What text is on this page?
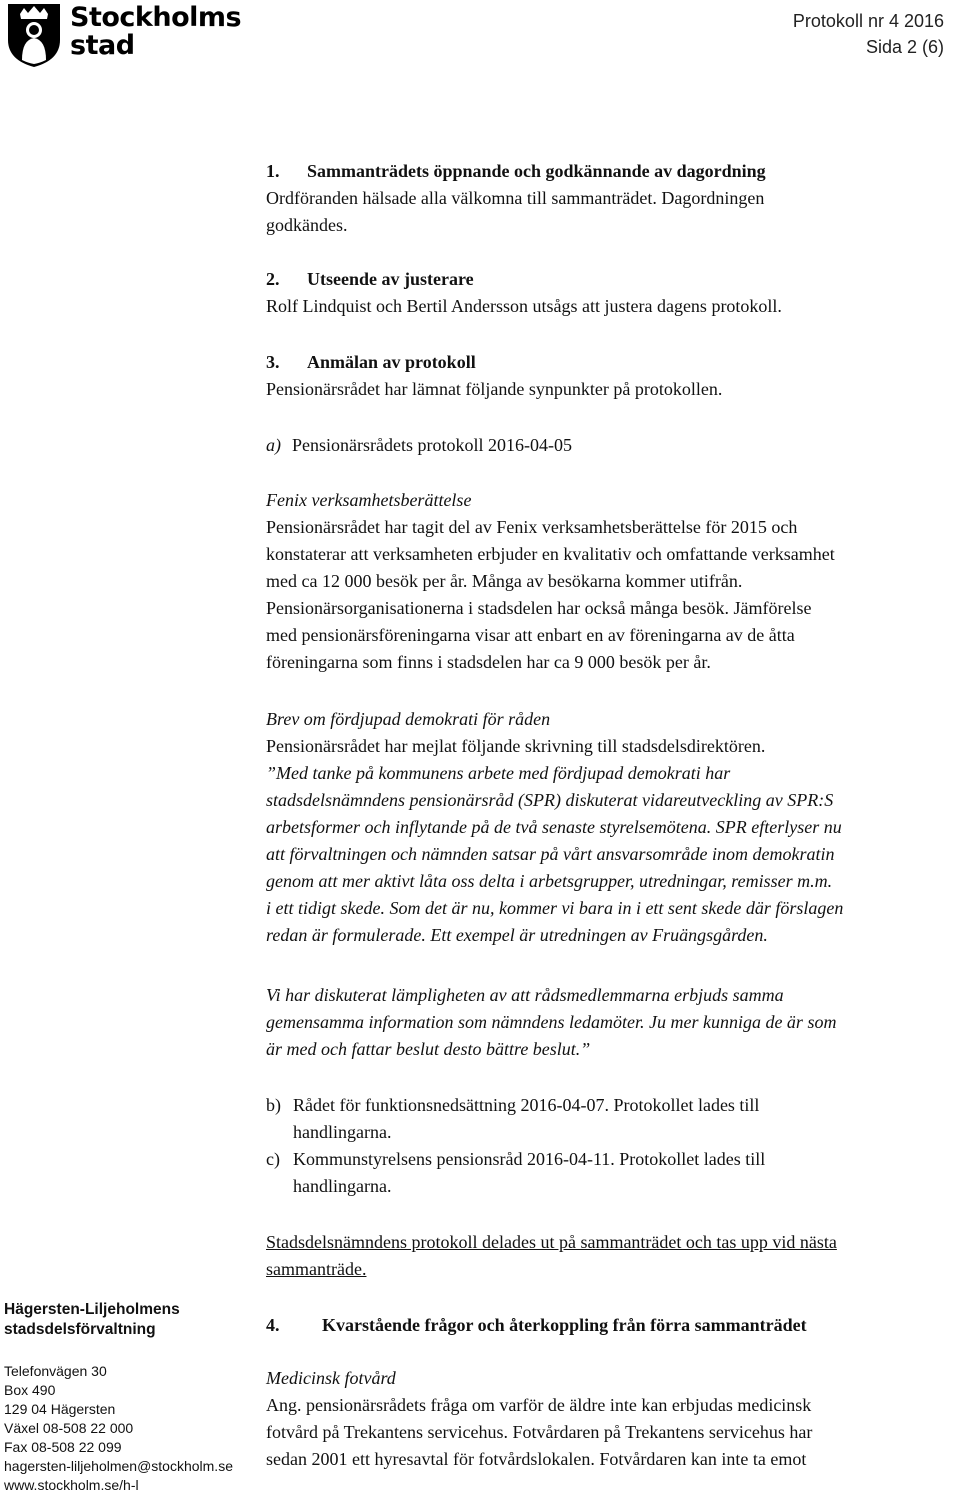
Stockholms
stad
Protokoll nr 4 2016
Sida 2 (6)
1. Sammanträdets öppnande och godkännande av dagordning
Ordföranden hälsade alla välkomna till sammanträdet. Dagordningen
godkändes.
2. Utseende av justerare
Rolf Lindquist och Bertil Andersson utsågs att justera dagens protokoll.
3. Anmälan av protokoll
Pensionärsrådet har lämnat följande synpunkter på protokollen.
a) Pensionärsrådets protokoll 2016-04-05
Fenix verksamhetsberättelse
Pensionärsrådet har tagit del av Fenix verksamhetsberättelse för 2015 och
konstaterar att verksamheten erbjuder en kvalitativ och omfattande verksamhet
med ca 12 000 besök per år. Många av besökarna kommer utifrån.
Pensionärsorganisationerna i stadsdelen har också många besök. Jämförelse
med pensionärsföreningarna visar att enbart en av föreningarna av de åtta
föreningarna som finns i stadsdelen har ca 9 000 besök per år.
Brev om fördjupad demokrati för råden
Pensionärsrådet har mejlat följande skrivning till stadsdelsdirektören.
”Med tanke på kommunens arbete med fördjupad demokrati har
stadsdelsnämndens pensionärsråd (SPR) diskuterat vidareutveckling av SPR:S
arbetsformer och inflytande på de två senaste styrelsemötena. SPR efterlyser nu
att förvaltningen och nämnden satsar på vårt ansvarsområde inom demokratin
genom att mer aktivt låta oss delta i arbetsgrupper, utredningar, remisser m.m.
i ett tidigt skede. Som det är nu, kommer vi bara in i ett sent skede där förslagen
redan är formulerade. Ett exempel är utredningen av Fruängsgården.
Vi har diskuterat lämpligheten av att rådsmedlemmarna erbjuds samma
gemensamma information som nämndens ledamöter. Ju mer kunniga de är som
är med och fattar beslut desto bättre beslut.”
b) Rådet för funktionsnedsättning 2016-04-07. Protokollet lades till
handlingarna.
c) Kommunstyrelsens pensionsråd 2016-04-11. Protokollet lades till
handlingarna.
Stadsdelsnämndens protokoll delades ut på sammanträdet och tas upp vid nästa
sammanträde.
4. Kvarstående frågor och återkoppling från förra sammanträdet
Medicinsk fotvård
Ang. pensionärsrådets fråga om varför de äldre inte kan erbjudas medicinsk
fotvård på Trekantens servicehus. Fotvårdaren på Trekantens servicehus har
sedan 2001 ett hyresavtal för fotvårdslokalen. Fotvårdaren kan inte ta emot
Hägersten-Liljeholmens
stadsdelsförvaltning
Telefonvägen 30
Box 490
129 04 Hägersten
Växel 08-508 22 000
Fax 08-508 22 099
hagersten-liljeholmen@stockholm.se
www.stockholm.se/h-l
